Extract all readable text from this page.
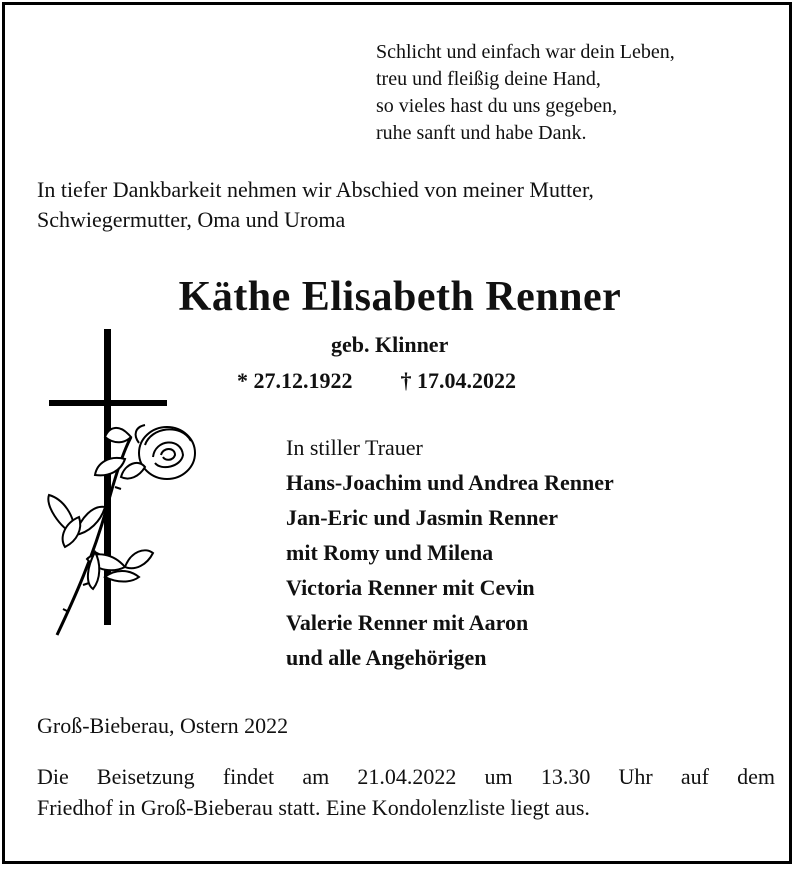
Schlicht und einfach war dein Leben,
treu und fleißig deine Hand,
so vieles hast du uns gegeben,
ruhe sanft und habe Dank.
In tiefer Dankbarkeit nehmen wir Abschied von meiner Mutter,
Schwiegermutter, Oma und Uroma
Käthe Elisabeth Renner
geb. Klinner
* 27.12.1922 † 17.04.2022
In stiller Trauer
Hans-Joachim und Andrea Renner
Jan-Eric und Jasmin Renner
mit Romy und Milena
Victoria Renner mit Cevin
Valerie Renner mit Aaron
und alle Angehörigen
Groß-Bieberau, Ostern 2022
Die Beisetzung findet am 21.04.2022 um 13.30 Uhr auf dem
Friedhof in Groß-Bieberau statt. Eine Kondolenzliste liegt aus.
